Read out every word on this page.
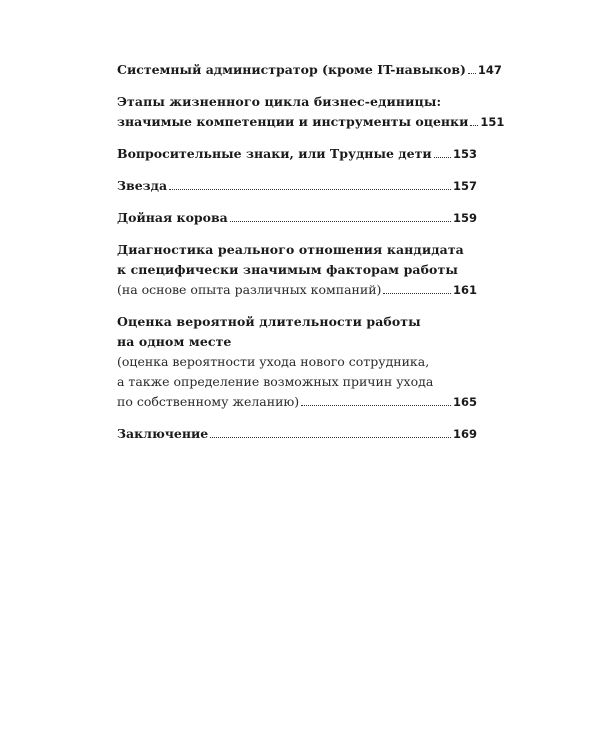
Системный администратор (кроме IT-навыков) 147
Этапы жизненного цикла бизнес-единицы:
значимые компетенции и инструменты оценки 151
Вопросительные знаки, или Трудные дети 153
Звезда	157
Дойная корова	159
Диагностика реального отношения кандидата
к специфически значимым факторам работы
(на основе опыта различных компаний)	161
Оценка вероятной длительности работы
на одном месте
(оценка вероятности ухода нового сотрудника,
а также определение возможных причин ухода
по собственному желанию)	165
Заключение	169
